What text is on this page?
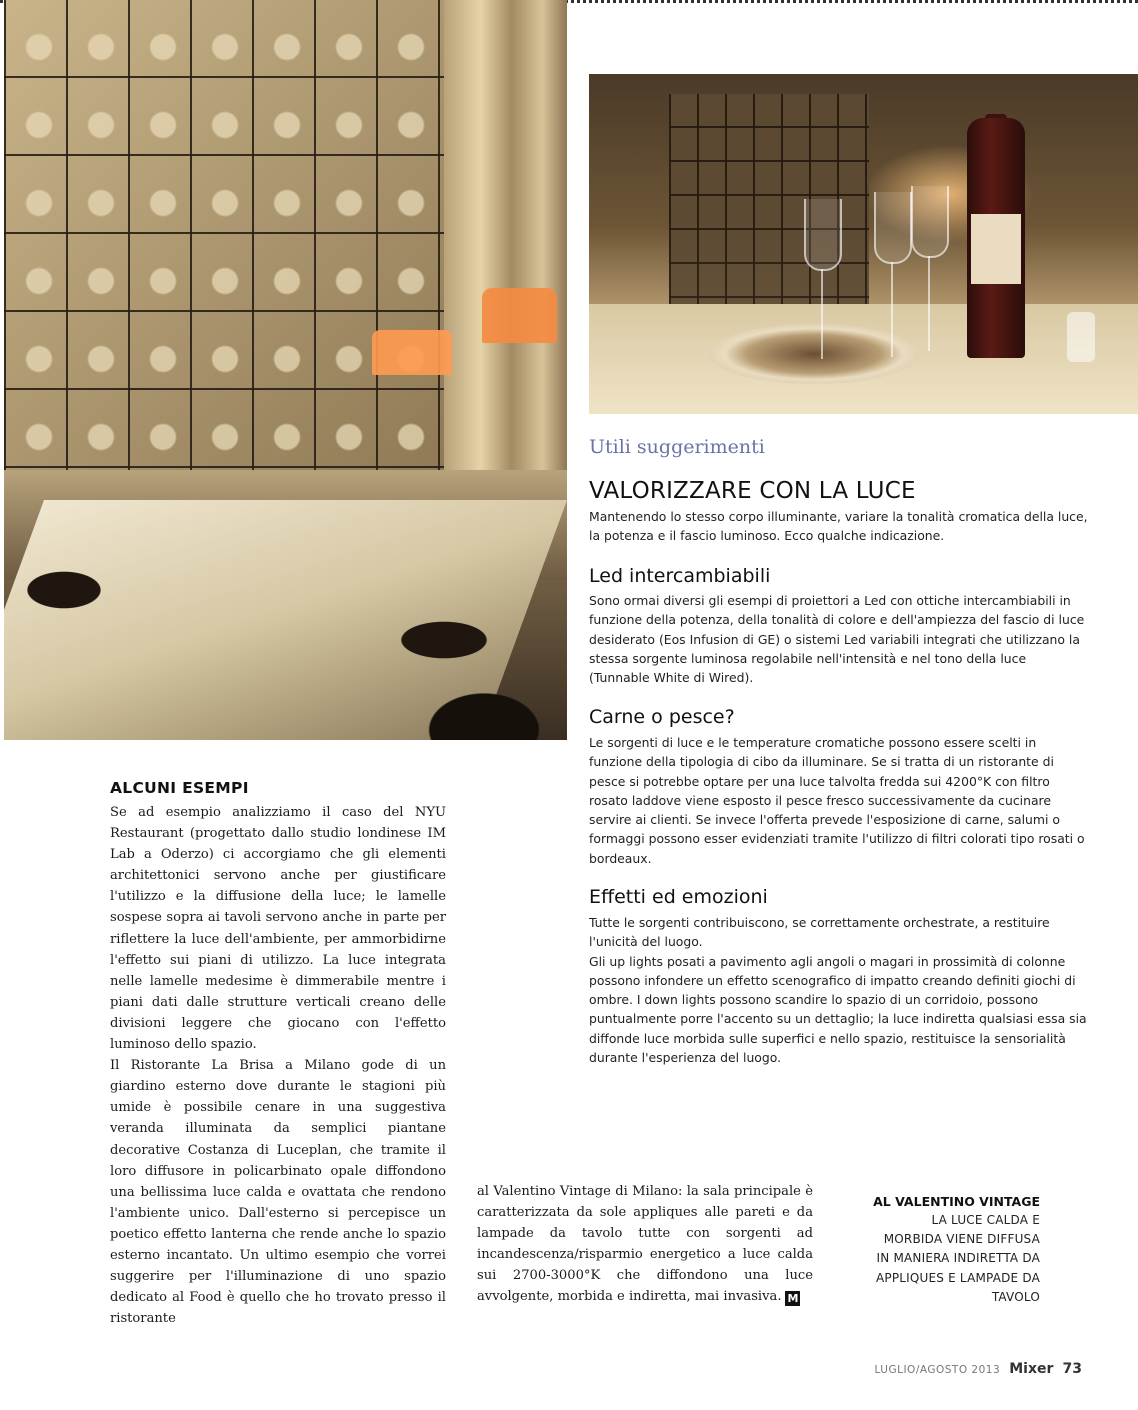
Utili suggerimenti
VALORIZZARE CON LA LUCE
Mantenendo lo stesso corpo illuminante, variare la tonalità cromatica della luce, la potenza e il fascio luminoso. Ecco qualche indicazione.
Led intercambiabili

Sono ormai diversi gli esempi di proiettori a Led con ottiche intercambiabili in funzione della potenza, della tonalità di colore e dell'ampiezza del fascio di luce desiderato (Eos Infusion di GE) o sistemi Led variabili integrati che utilizzano la stessa sorgente luminosa regolabile nell'intensità e nel tono della luce (Tunnable White di Wired).

Carne o pesce?

Le sorgenti di luce e le temperature cromatiche possono essere scelti in funzione della tipologia di cibo da illuminare. Se si tratta di un ristorante di pesce si potrebbe optare per una luce talvolta fredda sui 4200°K con filtro rosato laddove viene esposto il pesce fresco successivamente da cucinare servire ai clienti. Se invece l'offerta prevede l'esposizione di carne, salumi o formaggi possono esser evidenziati tramite l'utilizzo di filtri colorati tipo rosati o bordeaux.

Effetti ed emozioni

Tutte le sorgenti contribuiscono, se correttamente orchestrate, a restituire l'unicità del luogo.

Gli up lights posati a pavimento agli angoli o magari in prossimità di colonne possono infondere un effetto scenografico di impatto creando definiti giochi di ombre. I down lights possono scandire lo spazio di un corridoio, possono puntualmente porre l'accento su un dettaglio; la luce indiretta qualsiasi essa sia diffonde luce morbida sulle superfici e nello spazio, restituisce la sensorialità durante l'esperienza del luogo.

ALCUNI ESEMPI

Se ad esempio analizziamo il caso del NYU Restaurant (progettato dallo studio londinese IM Lab a Oderzo) ci accorgiamo che gli elementi architettonici servono anche per giustificare l'utilizzo e la diffusione della luce; le lamelle sospese sopra ai tavoli servono anche in parte per riflettere la luce dell'ambiente, per ammorbidirne l'effetto sui piani di utilizzo. La luce integrata nelle lamelle medesime è dimmerabile mentre i piani dati dalle strutture verticali creano delle divisioni leggere che giocano con l'effetto luminoso dello spazio.

Il Ristorante La Brisa a Milano gode di un giardino esterno dove durante le stagioni più umide è possibile cenare in una suggestiva veranda illuminata da semplici piantane decorative Costanza di Luceplan, che tramite il loro diffusore in policarbinato opale diffondono una bellissima luce calda e ovattata che rendono l'ambiente unico. Dall'esterno si percepisce un poetico effetto lanterna che rende anche lo spazio esterno incantato. Un ultimo esempio che vorrei suggerire per l'illuminazione di uno spazio dedicato al Food è quello che ho trovato presso il ristorante

al Valentino Vintage di Milano: la sala principale è caratterizzata da sole appliques alle pareti e da lampade da tavolo tutte con sorgenti ad incandescenza/risparmio energetico a luce calda sui 2700-3000°K che diffondono una luce avvolgente, morbida e indiretta, mai invasiva. M

AL VALENTINO VINTAGE

LA LUCE CALDA E
MORBIDA VIENE DIFFUSA
IN MANIERA INDIRETTA DA
APPLIQUES E LAMPADE DA
TAVOLO

LUGLIO/AGOSTO 2013 Mixer 73
